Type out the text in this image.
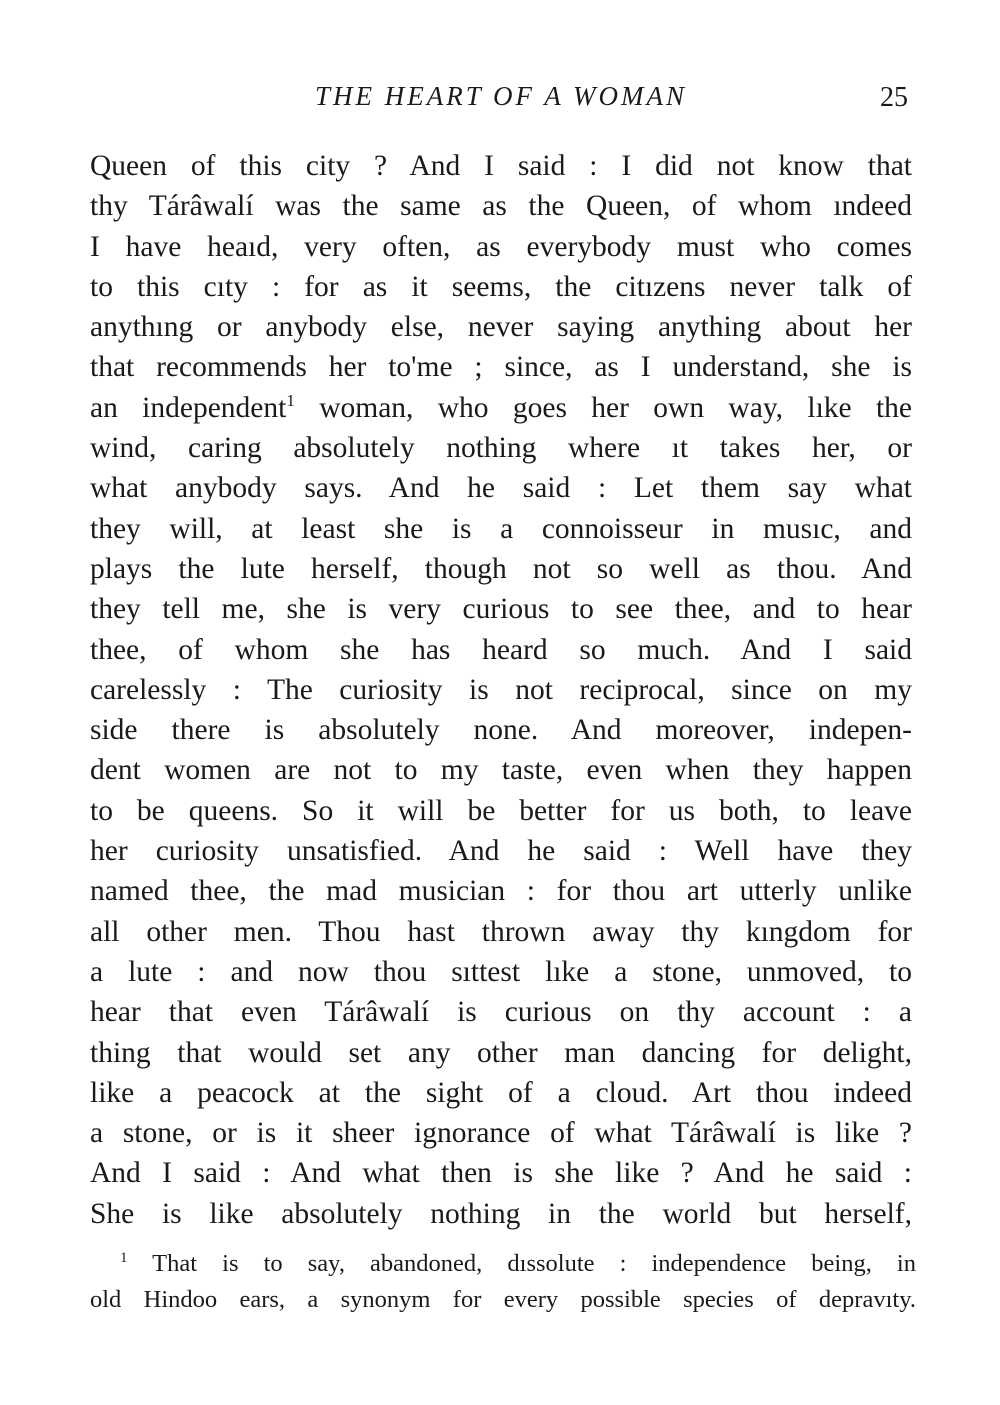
THE HEART OF A WOMAN	25
Queen of this city ? And I said : I did not know that
thy Tárâwalí was the same as the Queen, of whom ındeed
I have heaıd, very often, as everybody must who comes
to this cıty : for as it seems, the citızens never talk of
anythıng or anybody else, never saying anything about her
that recommends her to'me ; since, as I understand, she is
an independent$^1$ woman, who goes her own way, lıke the
wind, caring absolutely nothing where ıt takes her, or
what anybody says. And he said : Let them say what
they will, at least she is a connoisseur in musıc, and
plays the lute herself, though not so well as thou. And
they tell me, she is very curious to see thee, and to hear
thee, of whom she has heard so much. And I said
carelessly : The curiosity is not reciprocal, since on my
side there is absolutely none. And moreover, indepen-
dent women are not to my taste, even when they happen
to be queens. So it will be better for us both, to leave
her curiosity unsatisfied. And he said : Well have they
named thee, the mad musician : for thou art utterly unlike
all other men. Thou hast thrown away thy kıngdom for
a lute : and now thou sıttest lıke a stone, unmoved, to
hear that even Tárâwalí is curious on thy account : a
thing that would set any other man dancing for delight,
like a peacock at the sight of a cloud. Art thou indeed
a stone, or is it sheer ignorance of what Tárâwalí is like ?
And I said : And what then is she like ? And he said :
She is like absolutely nothing in the world but herself,
$^1$ That is to say, abandoned, dıssolute : independence being, in
old Hindoo ears, a synonym for every possible species of depravıty.
